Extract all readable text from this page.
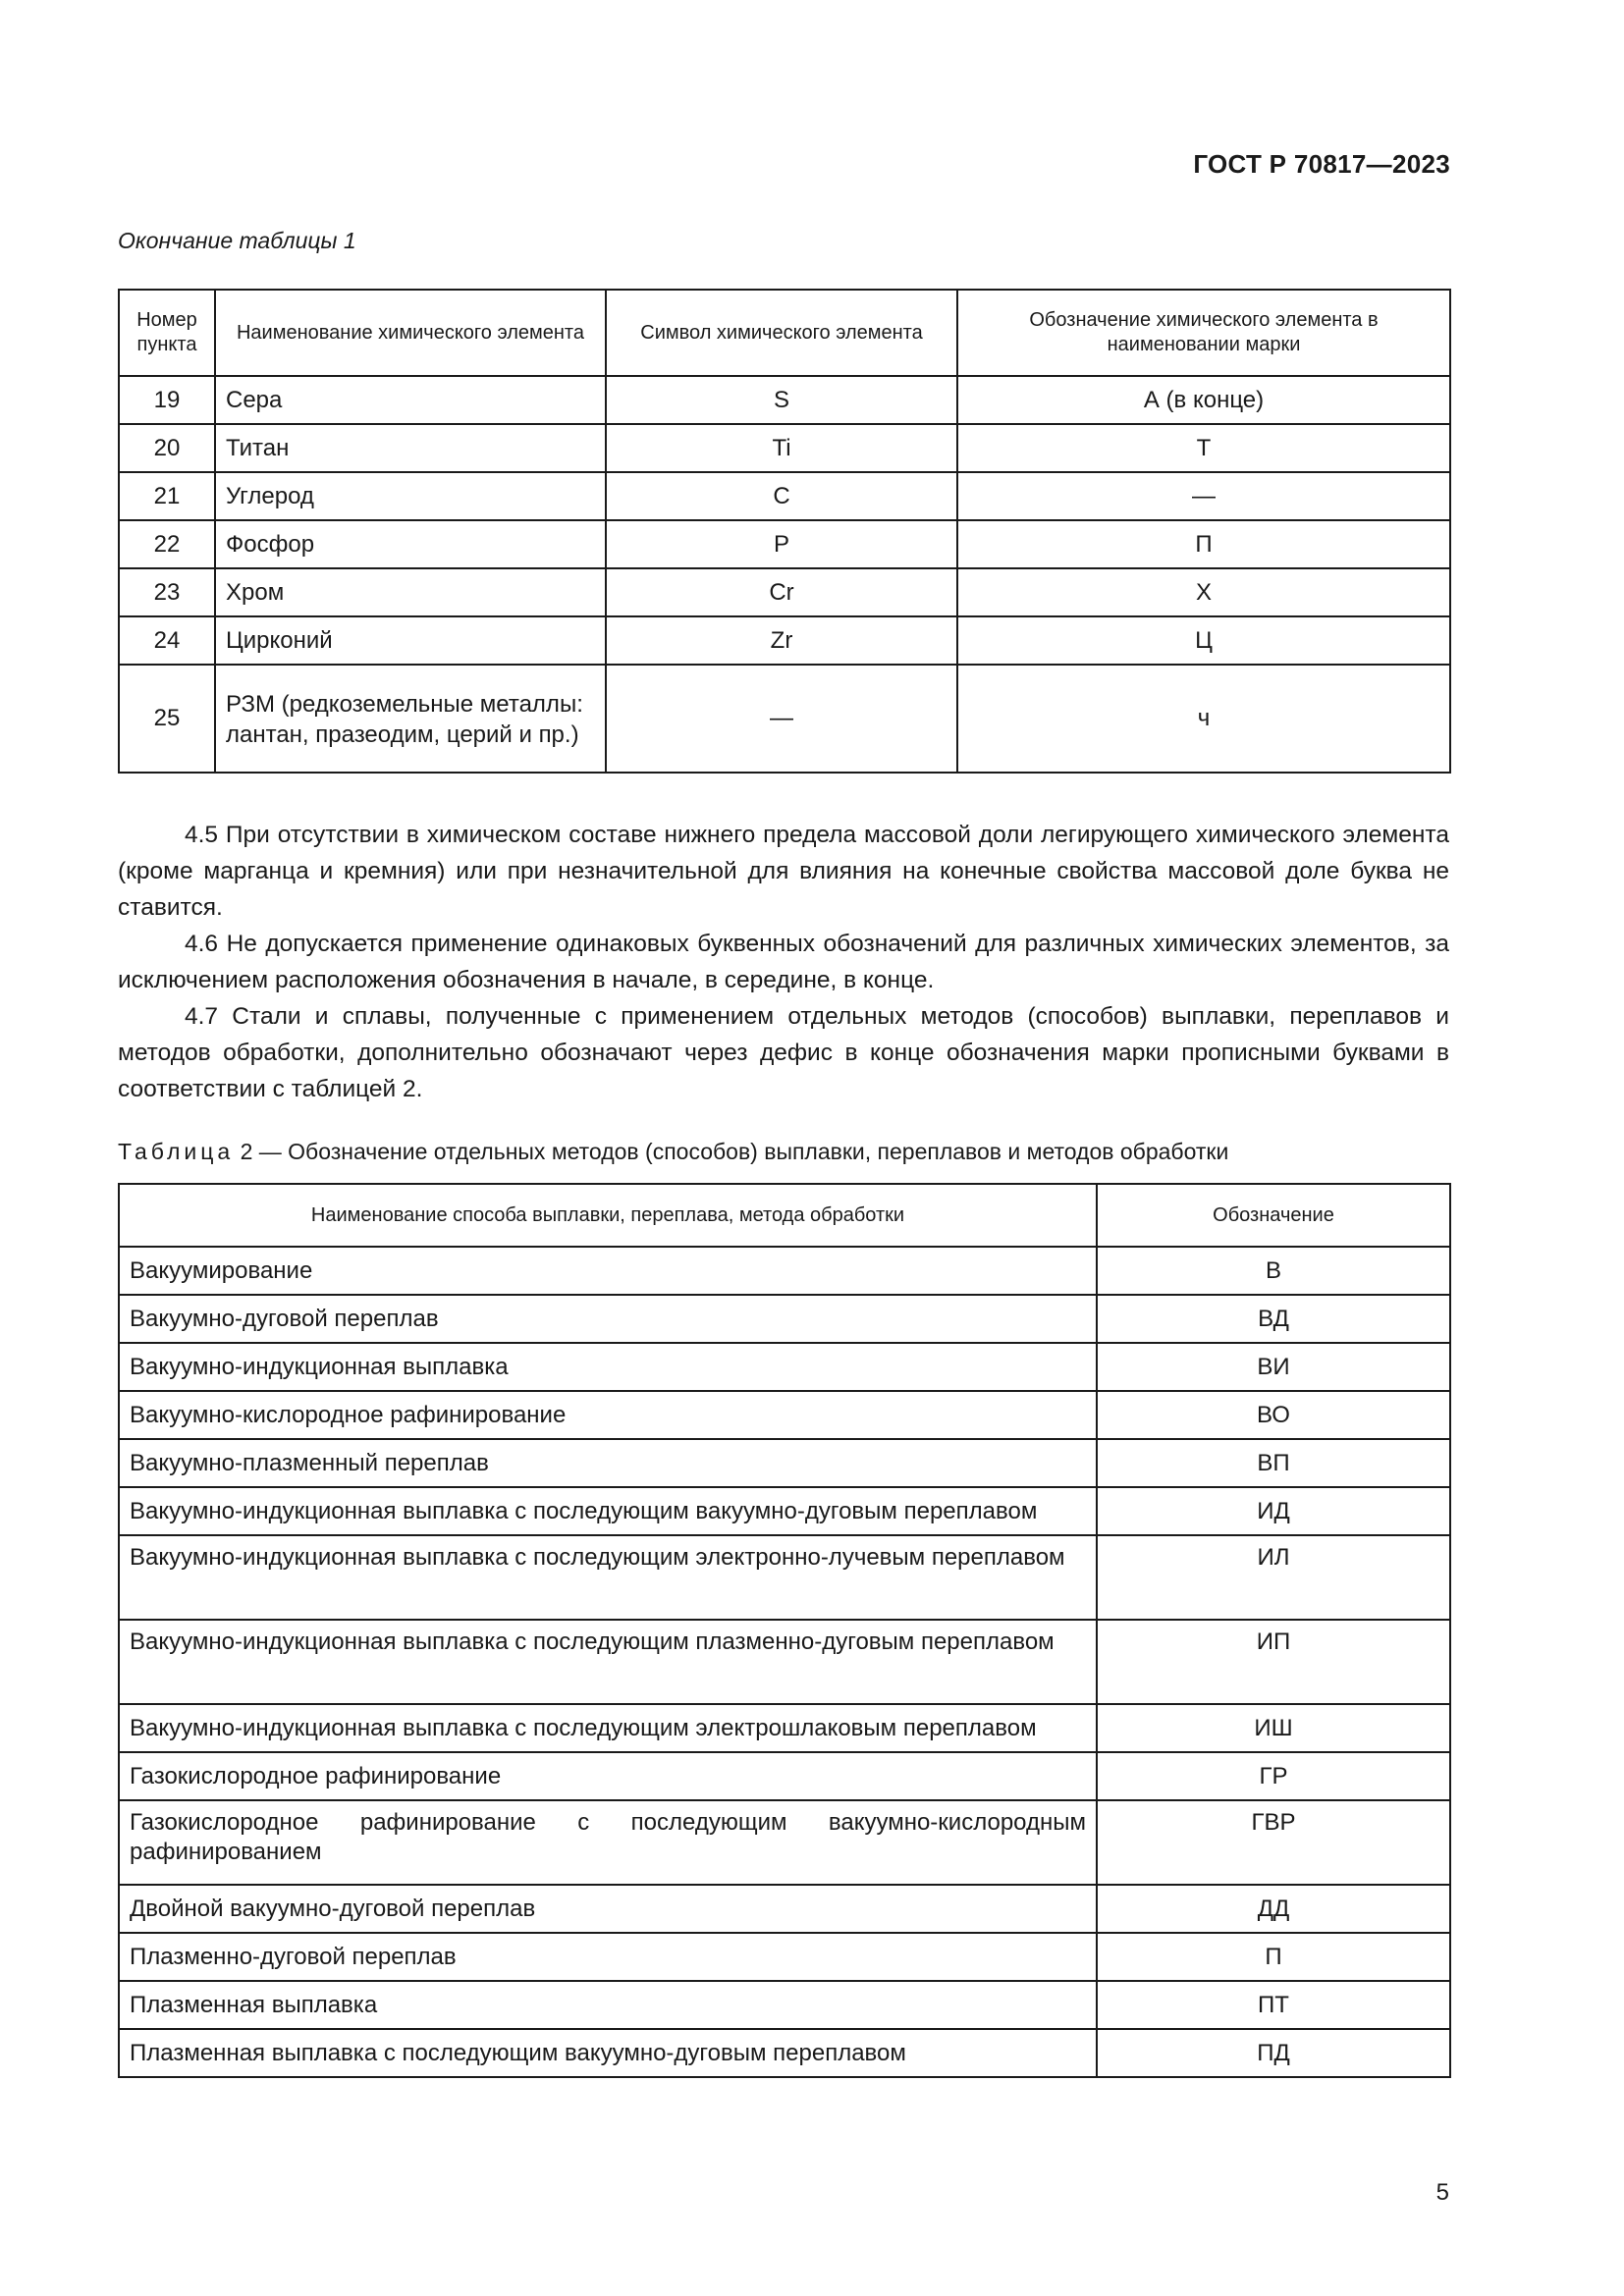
ГОСТ Р 70817—2023
Окончание таблицы 1
Номер пункта	Наименование химического элемента	Символ химического элемента	Обозначение химического элемента в наименовании марки
19	Сера	S	А (в конце)
20	Титан	Ti	Т
21	Углерод	С	—
22	Фосфор	Р	П
23	Хром	Cr	Х
24	Цирконий	Zr	Ц
25	РЗМ (редкоземельные металлы: лантан, празеодим, церий и пр.)	—	ч

4.5 При отсутствии в химическом составе нижнего предела массовой доли легирующего химического элемента (кроме марганца и кремния) или при незначительной для влияния на конечные свойства массовой доле буква не ставится.

4.6 Не допускается применение одинаковых буквенных обозначений для различных химических элементов, за исключением расположения обозначения в начале, в середине, в конце.

4.7 Стали и сплавы, полученные с применением отдельных методов (способов) выплавки, переплавов и методов обработки, дополнительно обозначают через дефис в конце обозначения марки прописными буквами в соответствии с таблицей 2.

Таблица 2 — Обозначение отдельных методов (способов) выплавки, переплавов и методов обработки
Наименование способа выплавки, переплава, метода обработки	Обозначение
Вакуумирование	В
Вакуумно-дуговой переплав	ВД
Вакуумно-индукционная выплавка	ВИ
Вакуумно-кислородное рафинирование	ВО
Вакуумно-плазменный переплав	ВП
Вакуумно-индукционная выплавка с последующим вакуумно-дуговым переплавом	ИД
Вакуумно-индукционная выплавка с последующим электронно-лучевым переплавом	ИЛ
Вакуумно-индукционная выплавка с последующим плазменно-дуговым переплавом	ИП
Вакуумно-индукционная выплавка с последующим электрошлаковым переплавом	ИШ
Газокислородное рафинирование	ГР
Газокислородное рафинирование с последующим вакуумно-кислородным рафинированием	ГВР
Двойной вакуумно-дуговой переплав	ДД
Плазменно-дуговой переплав	П
Плазменная выплавка	ПТ
Плазменная выплавка с последующим вакуумно-дуговым переплавом	ПД
5
